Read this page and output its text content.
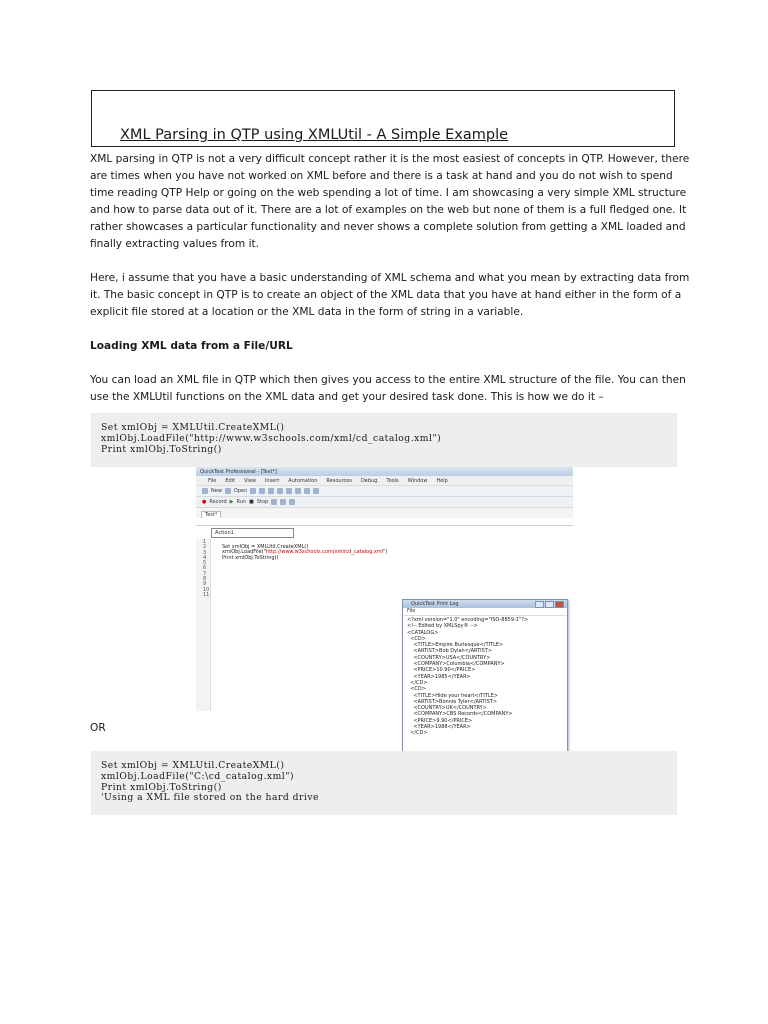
XML Parsing in QTP using XMLUtil - A Simple Example

XML parsing in QTP is not a very difficult concept rather it is the most easiest of concepts in QTP. However, there are times when you have not worked on XML before and there is a task at hand and you do not wish to spend time reading QTP Help or going on the web spending a lot of time. I am showcasing a very simple XML structure and how to parse data out of it. There are a lot of examples on the web but none of them is a full fledged one. It rather showcases a particular functionality and never shows a complete solution from getting a XML loaded and finally extracting values from it.

Here, i assume that you have a basic understanding of XML schema and what you mean by extracting data from it. The basic concept in QTP is to create an object of the XML data that you have at hand either in the form of a explicit file stored at a location or the XML data in the form of string in a variable.

Loading XML data from a File/URL

You can load an XML file in QTP which then gives you access to the entire XML structure of the file. You can then use the XMLUtil functions on the XML data and get your desired task done. This is how we do it –

Set xmlObj = XMLUtil.CreateXML()
xmlObj.LoadFile("http://www.w3schools.com/xml/cd_catalog.xml")
Print xmlObj.ToString()
QuickTest Professional - [Test*]
File Edit View Insert Automation Resources Debug Tools Window Help
New Open
● Record ▶ Run ■ Stop
Test*
Action1
1
2
3
4
5
6
7
8
9
10
11
Set xmlObj = XMLUtil.CreateXML()
xmlObj.LoadFile("http://www.w3schools.com/xml/cd_catalog.xml")
Print xmlObj.ToString()
QuickTest Print Log
File
<?xml version="1.0" encoding="ISO-8859-1"?>
<!-- Edited by XMLSpy® -->
<CATALOG>
<CD>
<TITLE>Empire Burlesque</TITLE>
<ARTIST>Bob Dylan</ARTIST>
<COUNTRY>USA</COUNTRY>
<COMPANY>Columbia</COMPANY>
<PRICE>10.90</PRICE>
<YEAR>1985</YEAR>
</CD>
<CD>
<TITLE>Hide your heart</TITLE>
<ARTIST>Bonnie Tyler</ARTIST>
<COUNTRY>UK</COUNTRY>
<COMPANY>CBS Records</COMPANY>
<PRICE>9.90</PRICE>
<YEAR>1988</YEAR>
</CD>
OR
Set xmlObj = XMLUtil.CreateXML()
xmlObj.LoadFile("C:\cd_catalog.xml")
Print xmlObj.ToString()
'Using a XML file stored on the hard drive
